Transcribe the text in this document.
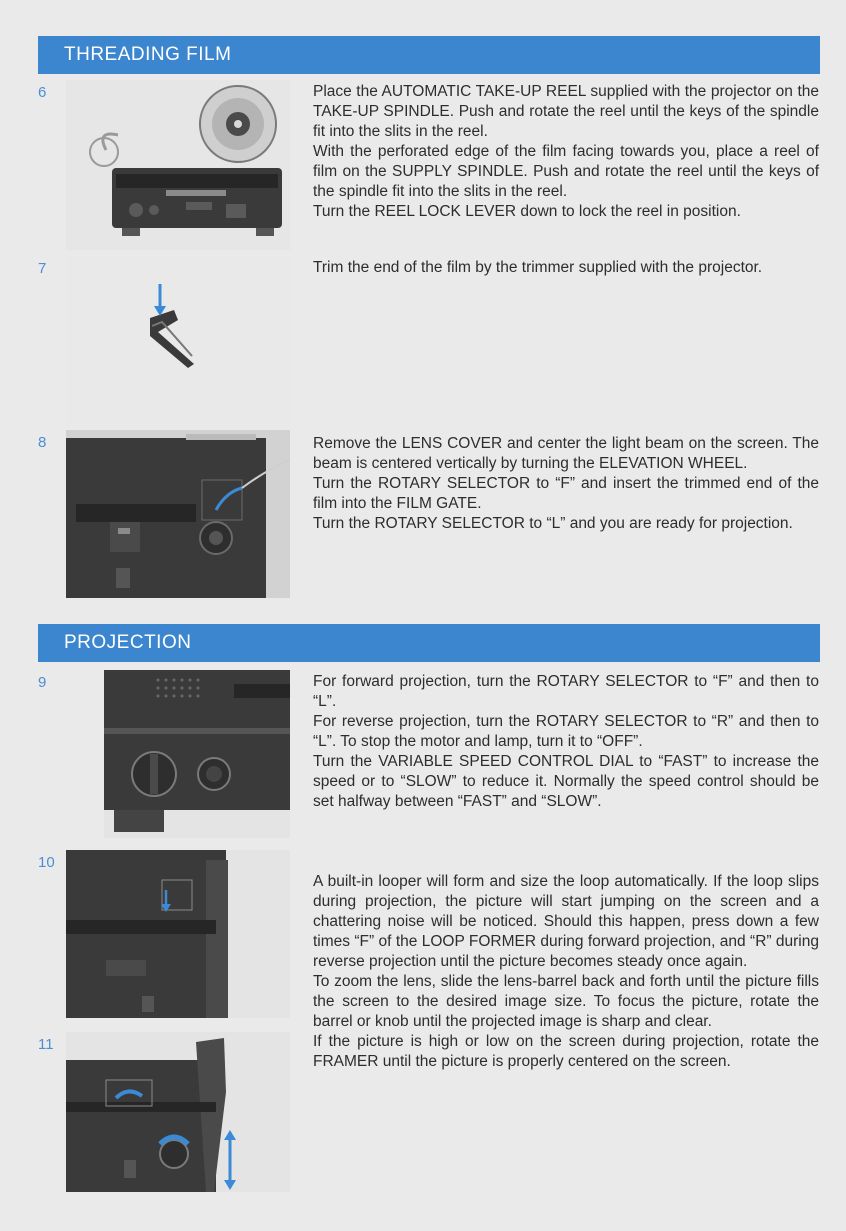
THREADING FILM
6	Place the AUTOMATIC TAKE-UP REEL supplied with the projector on the TAKE-UP SPINDLE. Push and rotate the reel until the keys of the spindle fit into the slits in the reel.

With the perforated edge of the film facing towards you, place a reel of film on the SUPPLY SPINDLE. Push and rotate the reel until the keys of the spindle fit into the slits in the reel.

Turn the REEL LOCK LEVER down to lock the reel in position.

7	Trim the end of the film by the trimmer supplied with the projector.

8	Remove the LENS COVER and center the light beam on the screen. The beam is centered vertically by turning the ELEVATION WHEEL.

Turn the ROTARY SELECTOR to “F” and insert the trimmed end of the film into the FILM GATE.

Turn the ROTARY SELECTOR to “L” and you are ready for projection.

PROJECTION
9	For forward projection, turn the ROTARY SELECTOR to “F” and then to “L”.

For reverse projection, turn the ROTARY SELECTOR to “R” and then to “L”. To stop the motor and lamp, turn it to “OFF”.

Turn the VARIABLE SPEED CONTROL DIAL to “FAST” to increase the speed or to “SLOW” to reduce it. Normally the speed control should be set halfway between “FAST” and “SLOW”.

10
11

A built-in looper will form and size the loop automatically. If the loop slips during projection, the picture will start jumping on the screen and a chattering noise will be noticed. Should this happen, press down a few times “F” of the LOOP FORMER during forward projection, and “R” during reverse projection until the picture becomes steady once again.

To zoom the lens, slide the lens-barrel back and forth until the picture fills the screen to the desired image size. To focus the picture, rotate the barrel or knob until the projected image is sharp and clear.

If the picture is high or low on the screen during projection, rotate the FRAMER until the picture is properly centered on the screen.
